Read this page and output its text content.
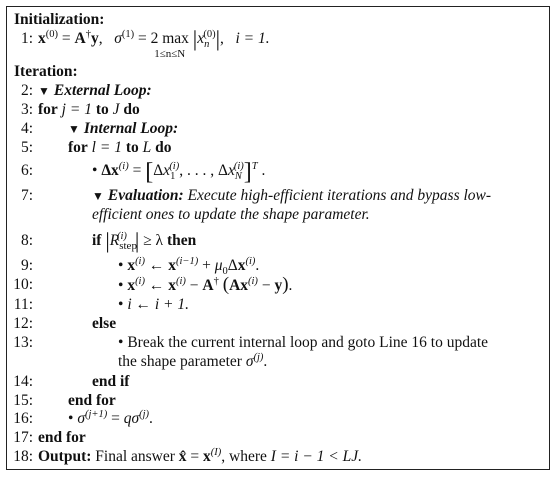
Initialization:
1: $x^{(0)} = A^\dagger y$,   $\sigma^{(1)} = 2$ max
1≤n≤N
$|x_n^{(0)}|$,   i = 1.
Iteration:
2: ▼ External Loop:
3: for j = 1 to J do
4:	▼ Internal Loop:
5: for l = 1 to L do
6:	• $\Delta x^{(i)} = [\Delta x_1^{(i)}$, . . . , $\Delta x_N^{(i)}]^T$ .
7:	▼ Evaluation: Execute high-efficient iterations and bypass low-
efficient ones to update the shape parameter.
8:	if $|R_{step}^{(i)}$ | ≥ λ then
9:	• $x^{(i)}$ ← $x^{(i-1)} + \mu_0\Delta x^{(i)}$.
10:	• $x^{(i)}$ ← $x^{(i)} - A^\dagger$ $(Ax^{(i)} - y)$.
11:	• i ← i + 1.
12:	else
13:	• Break the current internal loop and goto Line 16 to update
the shape parameter $\sigma^{(j)}$.
14:	end if
15: end for
16: • $\sigma^{(j+1)} = q\sigma^{(j)}$.
17: end for
18: Output: Final answer x̂ = $x^{(I)}$, where I = i − 1 < LJ.
